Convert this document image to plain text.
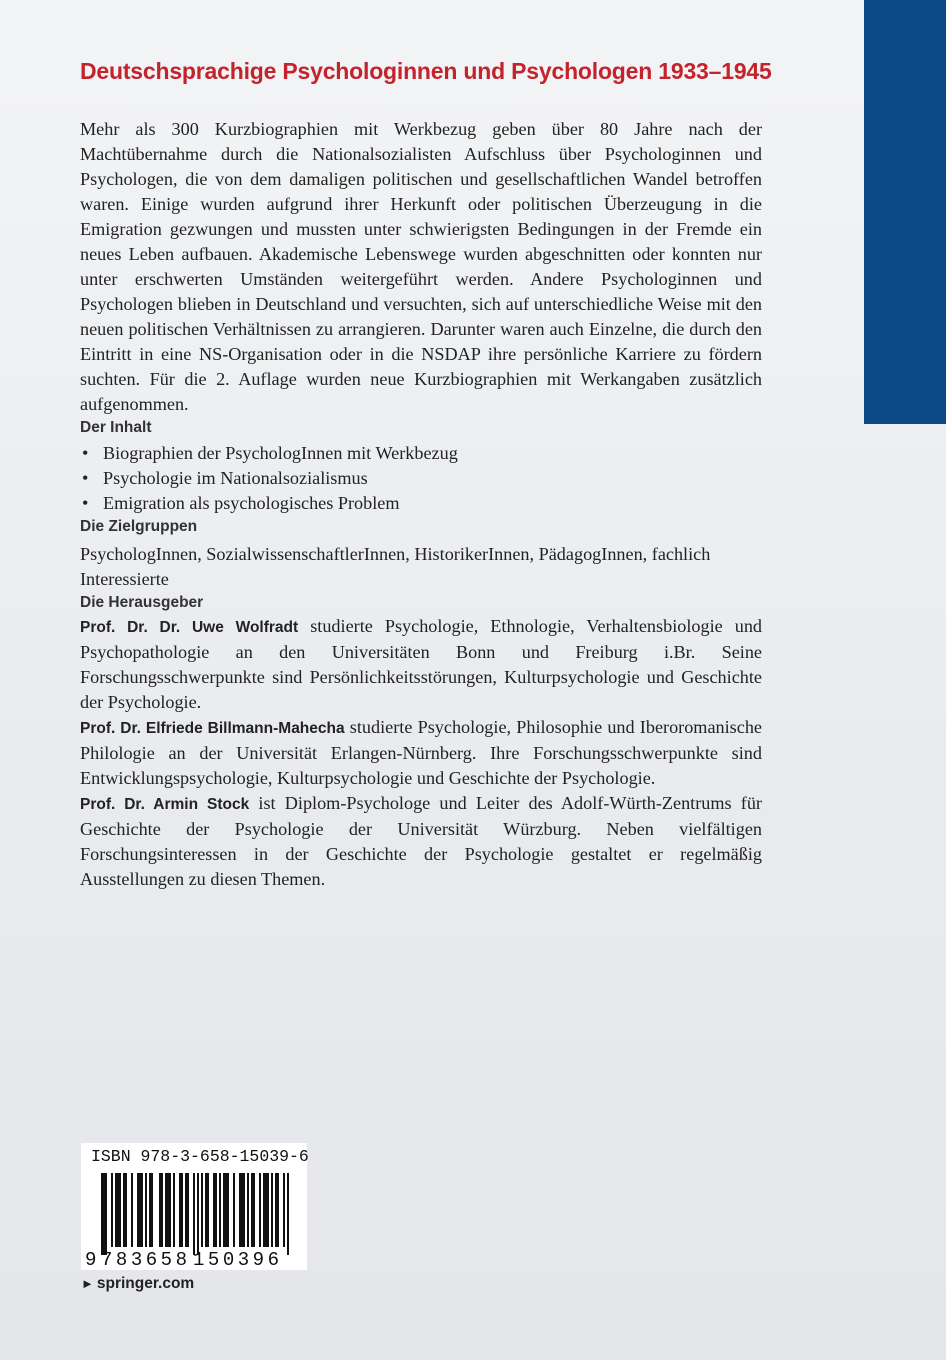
Deutschsprachige Psychologinnen und Psychologen 1933–1945

Mehr als 300 Kurzbiographien mit Werkbezug geben über 80 Jahre nach der Machtübernahme durch die Nationalsozialisten Aufschluss über Psychologinnen und Psychologen, die von dem damaligen politischen und gesellschaftlichen Wandel betroffen waren. Einige wurden aufgrund ihrer Herkunft oder politischen Überzeugung in die Emigration gezwungen und mussten unter schwierigsten Bedingungen in der Fremde ein neues Leben aufbauen. Akademische Lebenswege wurden abgeschnitten oder konnten nur unter erschwerten Umständen weitergeführt werden. Andere Psychologinnen und Psychologen blieben in Deutschland und versuchten, sich auf unterschiedliche Weise mit den neuen politischen Verhältnissen zu arrangieren. Darunter waren auch Einzelne, die durch den Eintritt in eine NS-Organisation oder in die NSDAP ihre persönliche Karriere zu fördern suchten. Für die 2. Auflage wurden neue Kurzbiographien mit Werkangaben zusätzlich aufgenommen.

Der Inhalt

• Biographien der PsychologInnen mit Werkbezug
• Psychologie im Nationalsozialismus
• Emigration als psychologisches Problem

Die Zielgruppen

PsychologInnen, SozialwissenschaftlerInnen, HistorikerInnen, PädagogInnen, fachlich Interessierte

Die Herausgeber

Prof. Dr. Dr. Uwe Wolfradt studierte Psychologie, Ethnologie, Verhaltensbiologie und Psychopathologie an den Universitäten Bonn und Freiburg i.Br. Seine Forschungsschwerpunkte sind Persönlichkeitsstörungen, Kulturpsychologie und Geschichte der Psychologie.

Prof. Dr. Elfriede Billmann-Mahecha studierte Psychologie, Philosophie und Iberoromanische Philologie an der Universität Erlangen-Nürnberg. Ihre Forschungsschwerpunkte sind Entwicklungspsychologie, Kulturpsychologie und Geschichte der Psychologie.

Prof. Dr. Armin Stock ist Diplom-Psychologe und Leiter des Adolf-Würth-Zentrums für Geschichte der Psychologie der Universität Würzburg. Neben vielfältigen Forschungsinteressen in der Geschichte der Psychologie gestaltet er regelmäßig Ausstellungen zu diesen Themen.

9 783658 150396
ISBN 978-3-658-15039-6
► springer.com
